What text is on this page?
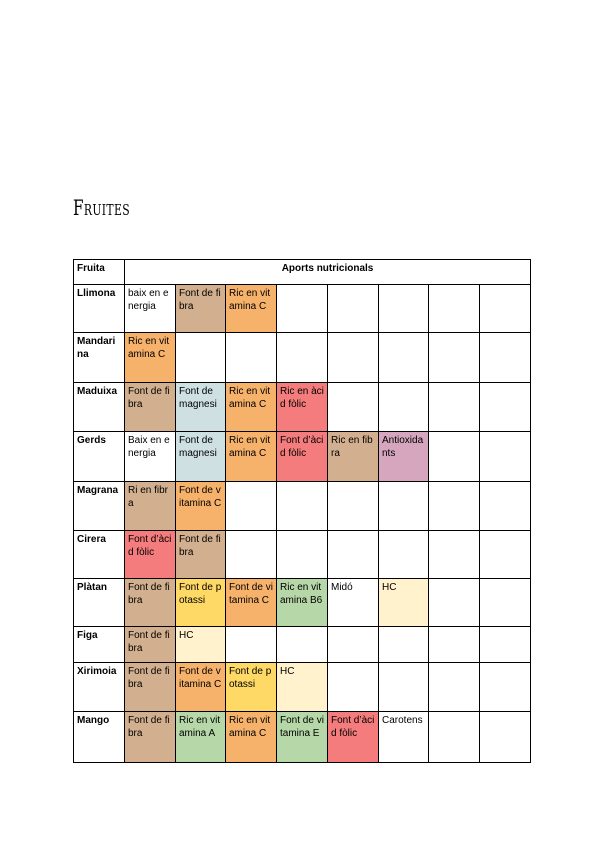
Fruites
Fruita	Aports nutricionals							
Llimona	baix en energia	Font de fibra	Ric en vitamina C					
Mandarina	Ric en vitamina C							
Maduixa	Font de fibra	Font de magnesi	Ric en vitamina C	Ric en àcid fòlic				
Gerds	Baix en energia	Font de magnesi	Ric en vitamina C	Font d’àcid fòlic	Ric en fibra	Antioxidants		
Magrana	Ri en fibra	Font de vitamina C						
Cirera	Font d’àcid fòlic	Font de fibra						
Plàtan	Font de fibra	Font de potassi	Font de vitamina C	Ric en vitamina B6	Midó	HC		
Figa	Font de fibra	HC						
Xirimoia	Font de fibra	Font de vitamina C	Font de potassi	HC				
Mango	Font de fibra	Ric en vitamina A	Ric en vitamina C	Font de vitamina E	Font d’àcid fòlic	Carotens		
